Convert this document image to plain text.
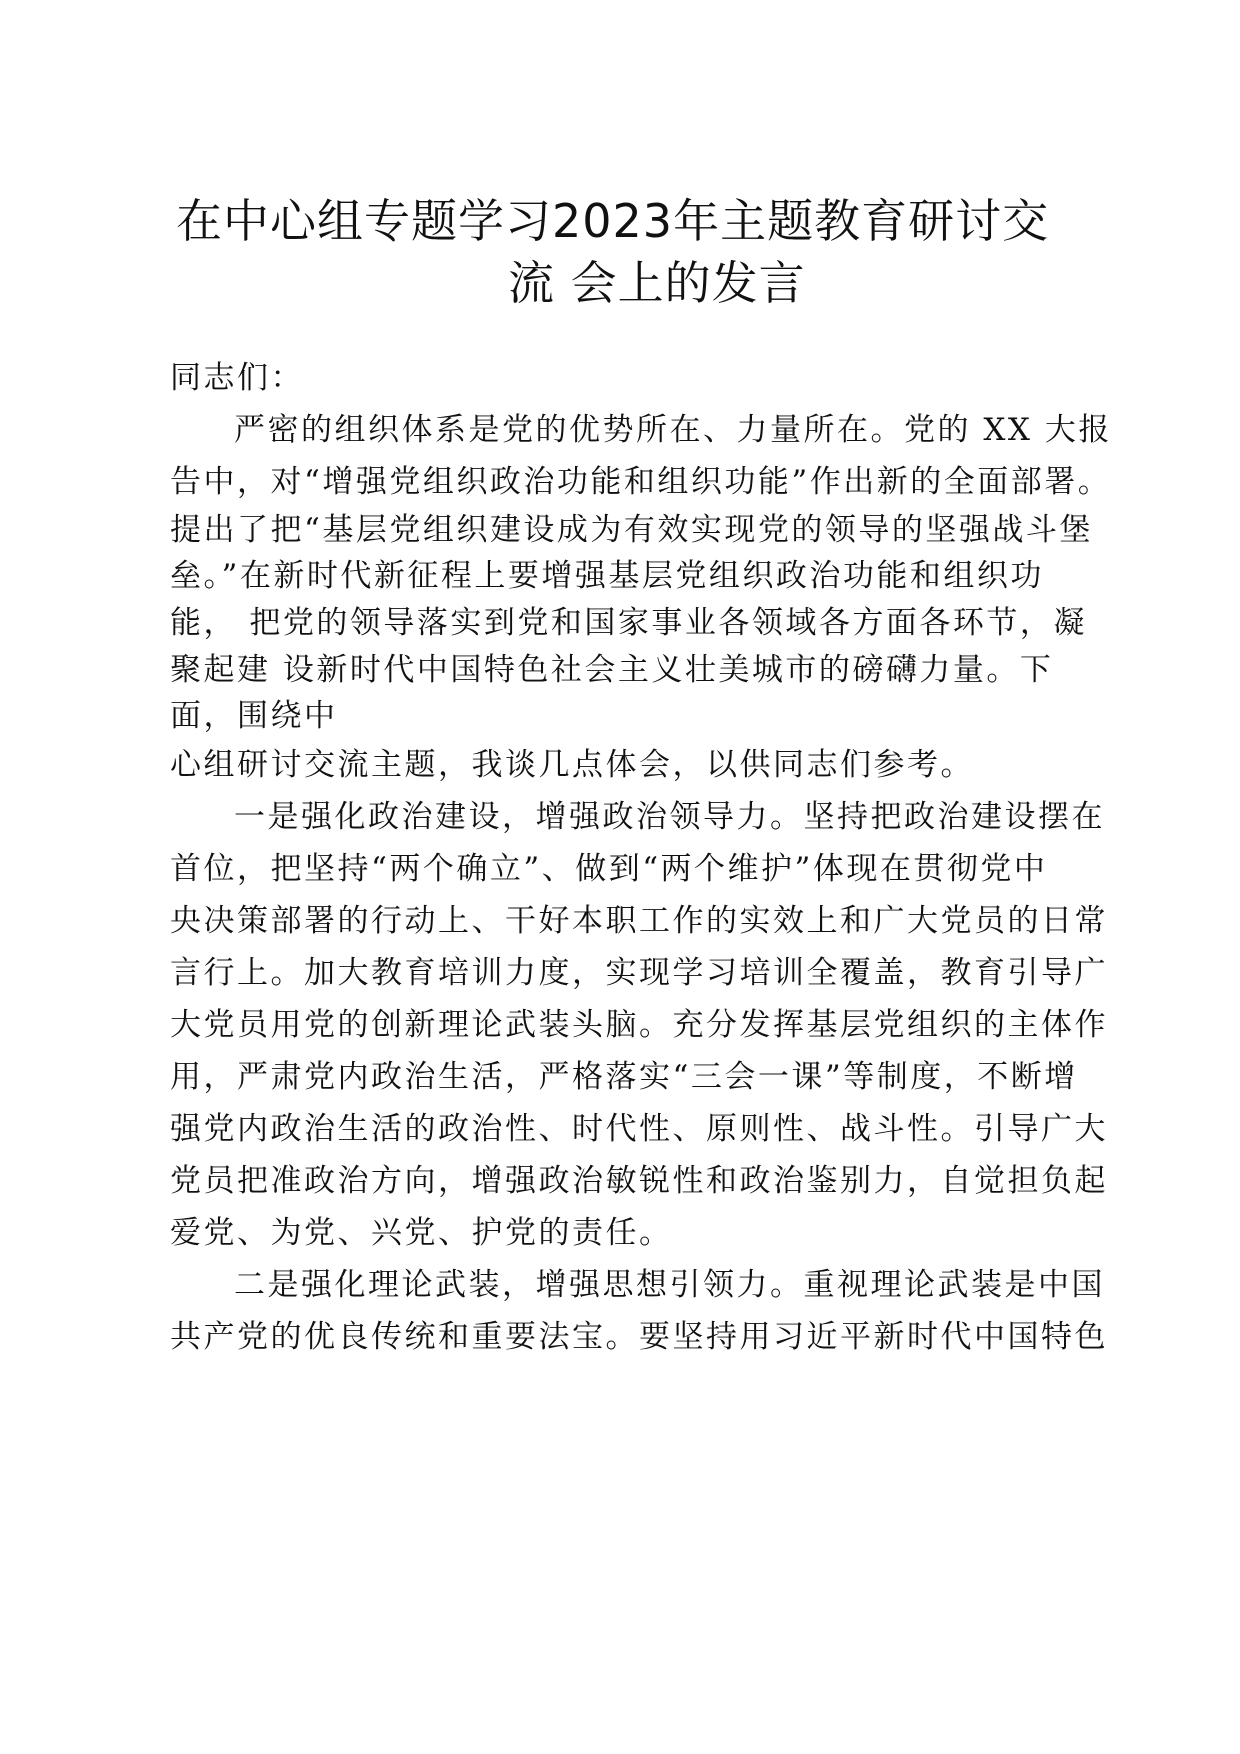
在中心组专题学习2023年主题教育研讨交
流 会上的发言
同志们：
严密的组织体系是党的优势所在、力量所在。党的 XX 大报
告中，对“增强党组织政治功能和组织功能”作出新的全面部署。
提出了把“基层党组织建设成为有效实现党的领导的坚强战斗堡
垒。”在新时代新征程上要增强基层党组织政治功能和组织功
能， 把党的领导落实到党和国家事业各领域各方面各环节，凝
聚起建 设新时代中国特色社会主义壮美城市的磅礴力量。下
面，围绕中
心组研讨交流主题，我谈几点体会，以供同志们参考。
一是强化政治建设，增强政治领导力。坚持把政治建设摆在
首位，把坚持“两个确立”、做到“两个维护”体现在贯彻党中
央决策部署的行动上、干好本职工作的实效上和广大党员的日常
言行上。加大教育培训力度，实现学习培训全覆盖，教育引导广
大党员用党的创新理论武装头脑。充分发挥基层党组织的主体作
用，严肃党内政治生活，严格落实“三会一课”等制度，不断增
强党内政治生活的政治性、时代性、原则性、战斗性。引导广大
党员把准政治方向，增强政治敏锐性和政治鉴别力，自觉担负起
爱党、为党、兴党、护党的责任。
二是强化理论武装，增强思想引领力。重视理论武装是中国
共产党的优良传统和重要法宝。要坚持用习近平新时代中国特色
